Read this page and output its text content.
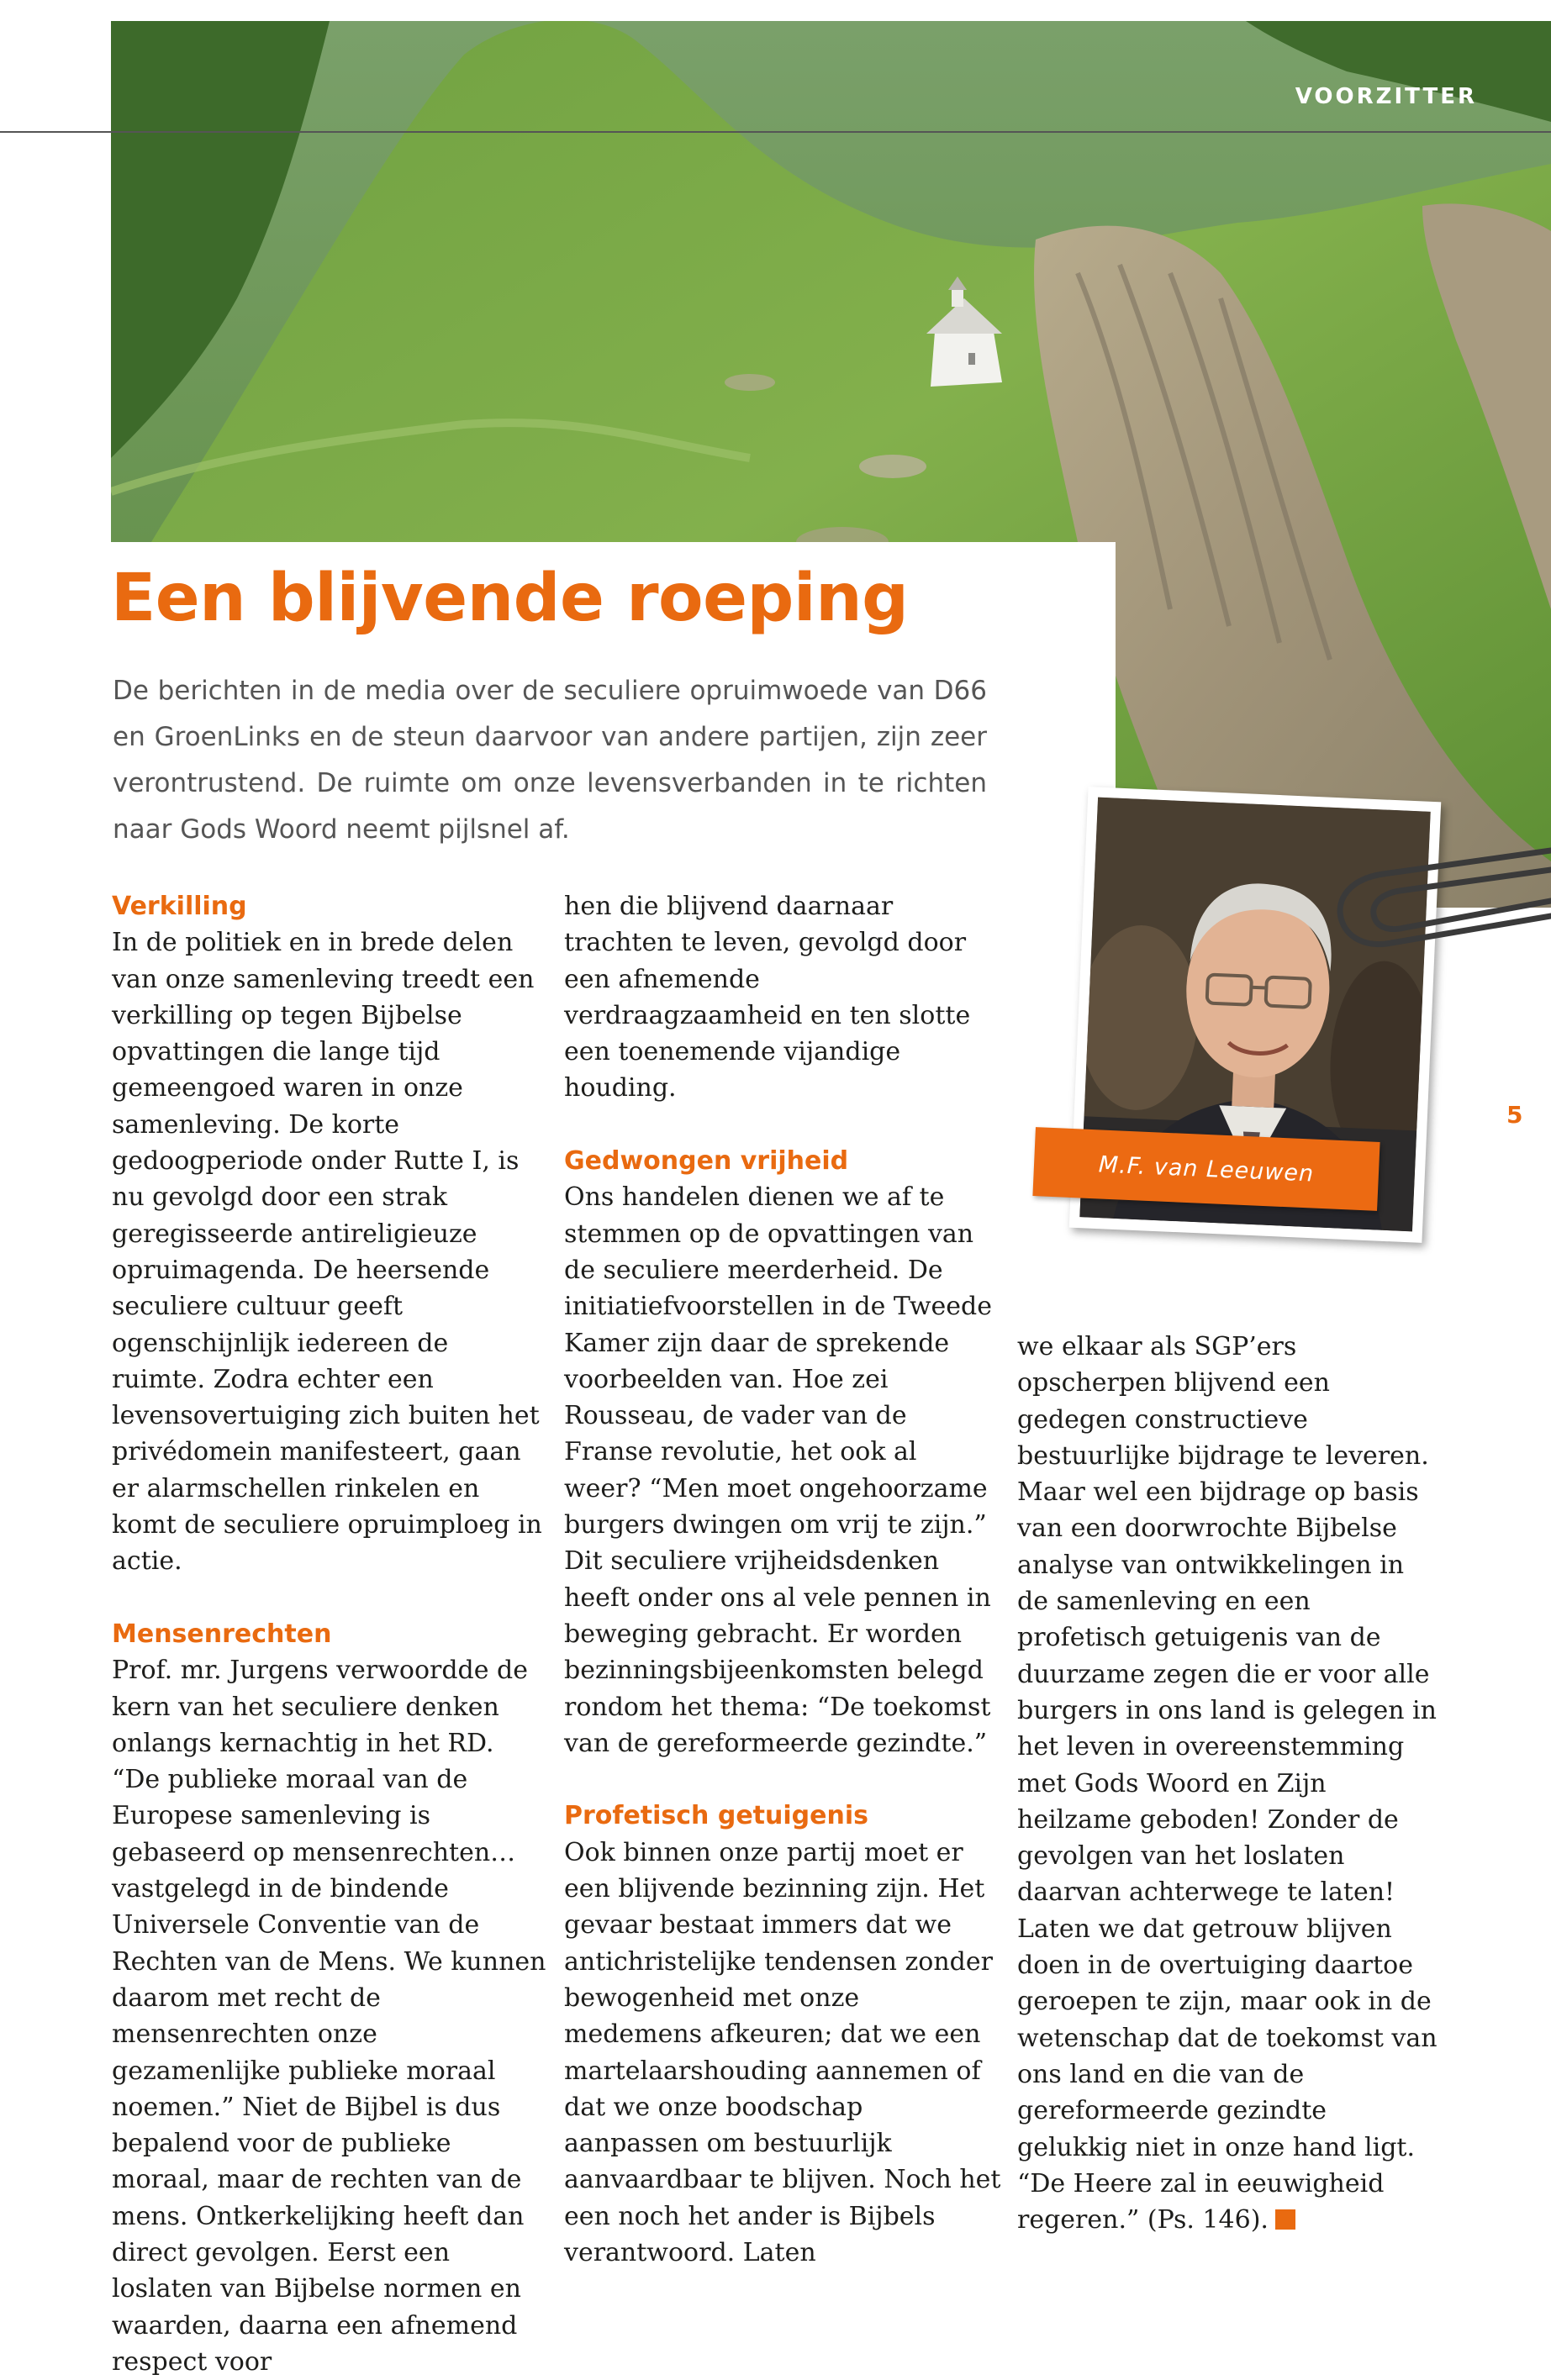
VOORZITTER
Een blijvende roeping

De berichten in de media over de seculiere opruimwoede van D66 en GroenLinks en de steun daarvoor van andere partijen, zijn zeer verontrustend. De ruimte om onze levensverbanden in te richten naar Gods Woord neemt pijlsnel af.

Verkilling

In de politiek en in brede delen van onze samenleving treedt een verkilling op tegen Bijbelse opvattingen die lange tijd gemeengoed waren in onze samenleving. De korte gedoogperiode onder Rutte I, is nu gevolgd door een strak geregisseerde antireligieuze opruimagenda. De heersende seculiere cultuur geeft ogenschijnlijk iedereen de ruimte. Zodra echter een levensovertuiging zich buiten het privédomein manifesteert, gaan er alarmschellen rinkelen en komt de seculiere opruimploeg in actie.

Mensenrechten

Prof. mr. Jurgens verwoordde de kern van het seculiere denken onlangs kernachtig in het RD. “De publieke moraal van de Europese samenleving is gebaseerd op mensenrechten… vastgelegd in de bindende Universele Conventie van de Rechten van de Mens. We kunnen daarom met recht de mensenrechten onze gezamenlijke publieke moraal noemen.” Niet de Bijbel is dus bepalend voor de publieke moraal, maar de rechten van de mens. Ontkerkelijking heeft dan direct gevolgen. Eerst een loslaten van Bijbelse normen en waarden, daarna een afnemend respect voor

hen die blijvend daarnaar trachten te leven, gevolgd door een afnemende verdraagzaamheid en ten slotte een toenemende vijandige houding.

Gedwongen vrijheid

Ons handelen dienen we af te stemmen op de opvattingen van de seculiere meerderheid. De initiatiefvoorstellen in de Tweede Kamer zijn daar de sprekende voorbeelden van. Hoe zei Rousseau, de vader van de Franse revolutie, het ook al weer? “Men moet ongehoorzame burgers dwingen om vrij te zijn.” Dit seculiere vrijheidsdenken heeft onder ons al vele pennen in beweging gebracht. Er worden bezinningsbijeenkomsten belegd rondom het thema: “De toekomst van de gereformeerde gezindte.”

Profetisch getuigenis

Ook binnen onze partij moet er een blijvende bezinning zijn. Het gevaar bestaat immers dat we antichristelijke tendensen zonder bewogenheid met onze medemens afkeuren; dat we een martelaarshouding aannemen of dat we onze boodschap aanpassen om bestuurlijk aanvaardbaar te blijven. Noch het een noch het ander is Bijbels verantwoord. Laten

we elkaar als SGP’ers opscherpen blijvend een gedegen constructieve bestuurlijke bijdrage te leveren. Maar wel een bijdrage op basis van een doorwrochte Bijbelse analyse van ontwikkelingen in de samenleving en een profetisch getuigenis van de duurzame zegen die er voor alle burgers in ons land is gelegen in het leven in overeenstemming met Gods Woord en Zijn heilzame geboden! Zonder de gevolgen van het loslaten daarvan achterwege te laten! Laten we dat getrouw blijven doen in de overtuiging daartoe geroepen te zijn, maar ook in de wetenschap dat de toekomst van ons land en die van de gereformeerde gezindte gelukkig niet in onze hand ligt. “De Heere zal in eeuwigheid regeren.” (Ps. 146).

M.F. van Leeuwen
5
